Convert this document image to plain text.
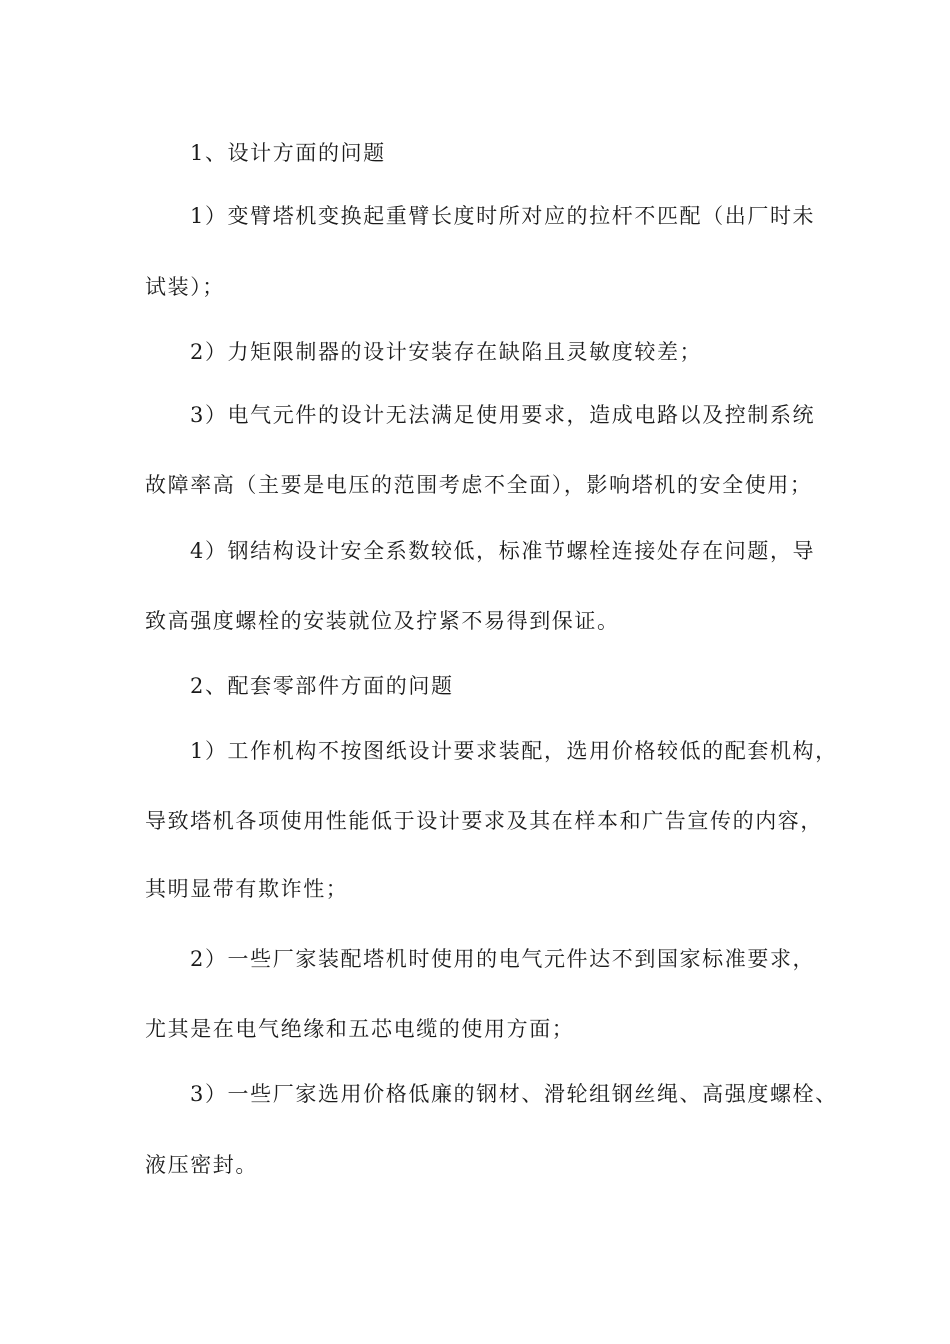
1、设计方面的问题
1）变臂塔机变换起重臂长度时所对应的拉杆不匹配（出厂时未
试装）；
2）力矩限制器的设计安装存在缺陷且灵敏度较差；
3）电气元件的设计无法满足使用要求，造成电路以及控制系统
故障率高（主要是电压的范围考虑不全面），影响塔机的安全使用；
4）钢结构设计安全系数较低，标准节螺栓连接处存在问题，导
致高强度螺栓的安装就位及拧紧不易得到保证。
2、配套零部件方面的问题
1）工作机构不按图纸设计要求装配，选用价格较低的配套机构，
导致塔机各项使用性能低于设计要求及其在样本和广告宣传的内容，
其明显带有欺诈性；
2）一些厂家装配塔机时使用的电气元件达不到国家标准要求，
尤其是在电气绝缘和五芯电缆的使用方面；
3）一些厂家选用价格低廉的钢材、滑轮组钢丝绳、高强度螺栓、
液压密封。
